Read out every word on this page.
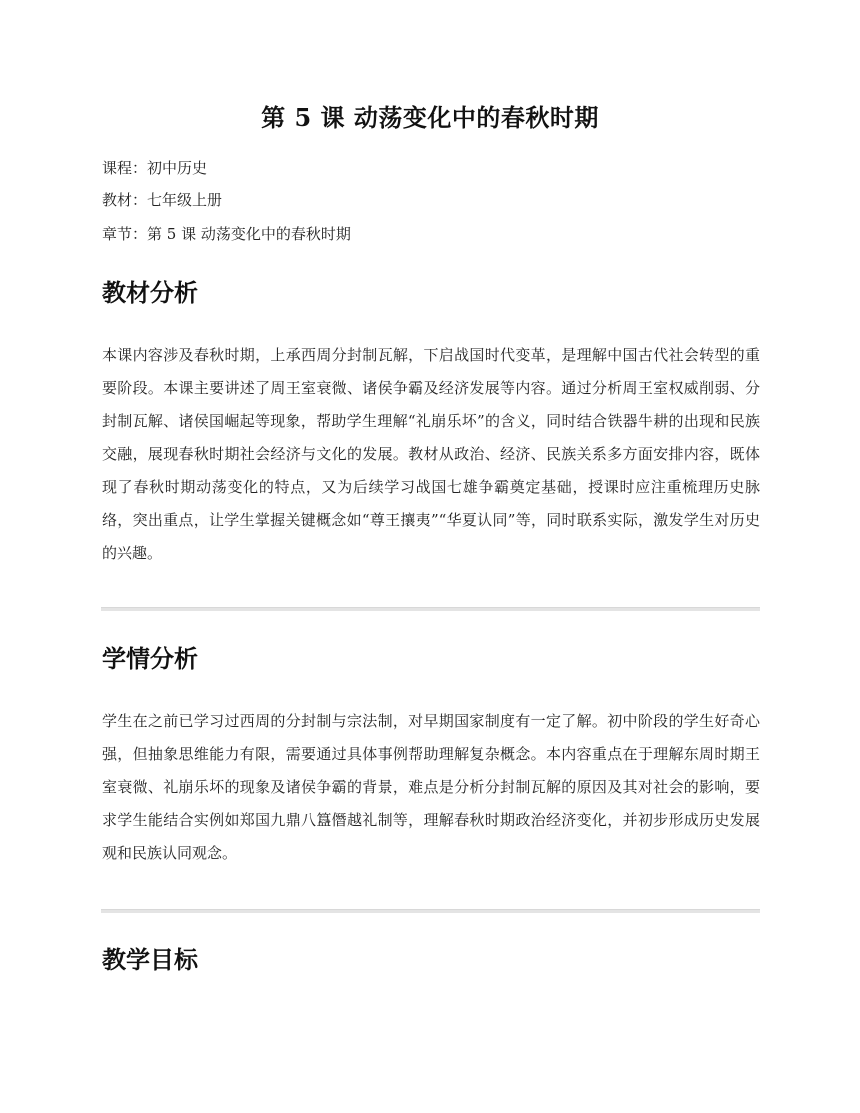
第 5 课 动荡变化中的春秋时期
课程：初中历史
教材：七年级上册
章节：第 5 课 动荡变化中的春秋时期
教材分析

本课内容涉及春秋时期，上承西周分封制瓦解，下启战国时代变革，是理解中国古代社会转型的重要阶段。本课主要讲述了周王室衰微、诸侯争霸及经济发展等内容。通过分析周王室权威削弱、分封制瓦解、诸侯国崛起等现象，帮助学生理解“礼崩乐坏”的含义，同时结合铁器牛耕的出现和民族交融，展现春秋时期社会经济与文化的发展。教材从政治、经济、民族关系多方面安排内容，既体现了春秋时期动荡变化的特点，又为后续学习战国七雄争霸奠定基础，授课时应注重梳理历史脉络，突出重点，让学生掌握关键概念如“尊王攘夷”“华夏认同”等，同时联系实际，激发学生对历史的兴趣。

学情分析

学生在之前已学习过西周的分封制与宗法制，对早期国家制度有一定了解。初中阶段的学生好奇心强，但抽象思维能力有限，需要通过具体事例帮助理解复杂概念。本内容重点在于理解东周时期王室衰微、礼崩乐坏的现象及诸侯争霸的背景，难点是分析分封制瓦解的原因及其对社会的影响，要求学生能结合实例如郑国九鼎八簋僭越礼制等，理解春秋时期政治经济变化，并初步形成历史发展观和民族认同观念。

教学目标
